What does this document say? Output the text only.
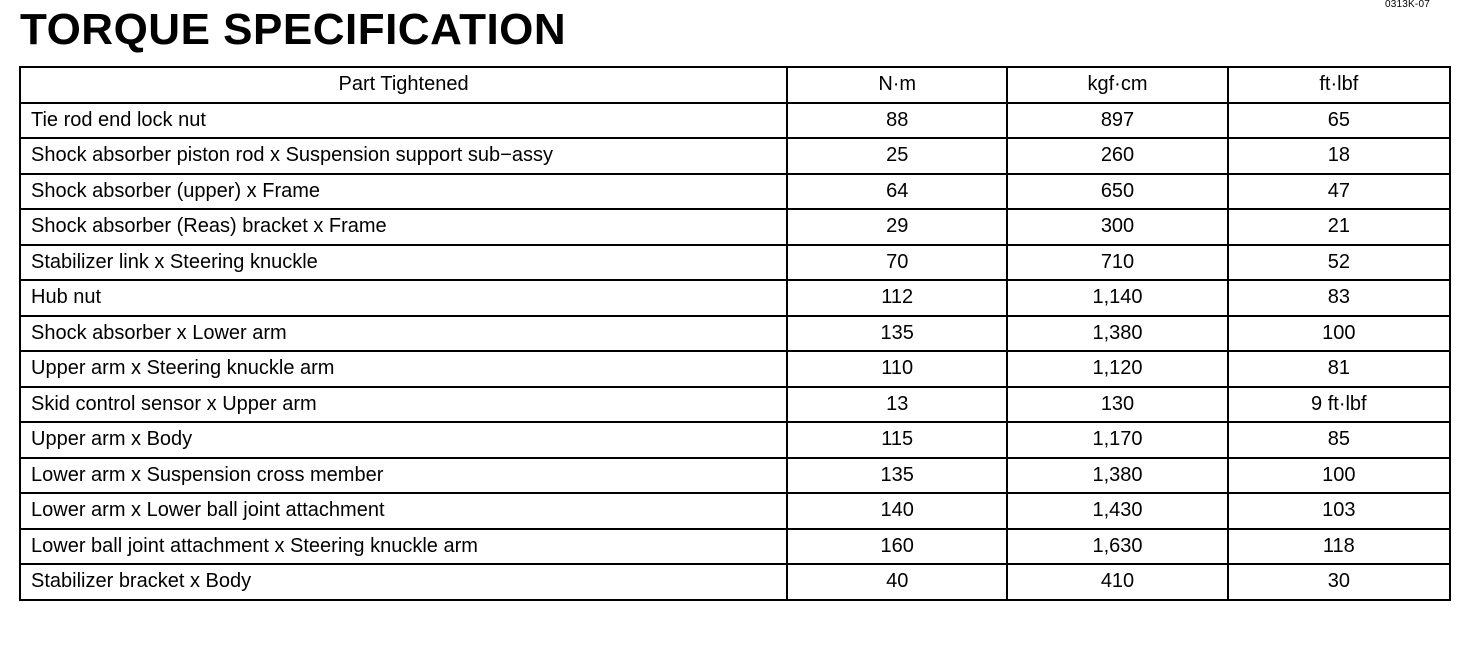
0313K-07
TORQUE SPECIFICATION
Part Tightened	N·m	kgf·cm	ft·lbf
Tie rod end lock nut	88	897	65
Shock absorber piston rod x Suspension support sub−assy	25	260	18
Shock absorber (upper) x Frame	64	650	47
Shock absorber (Reas) bracket x Frame	29	300	21
Stabilizer link x Steering knuckle	70	710	52
Hub nut	112	1,140	83
Shock absorber x Lower arm	135	1,380	100
Upper arm x Steering knuckle arm	110	1,120	81
Skid control sensor x Upper arm	13	130	9 ft·lbf
Upper arm x Body	115	1,170	85
Lower arm x Suspension cross member	135	1,380	100
Lower arm x Lower ball joint attachment	140	1,430	103
Lower ball joint attachment x Steering knuckle arm	160	1,630	118
Stabilizer bracket x Body	40	410	30
